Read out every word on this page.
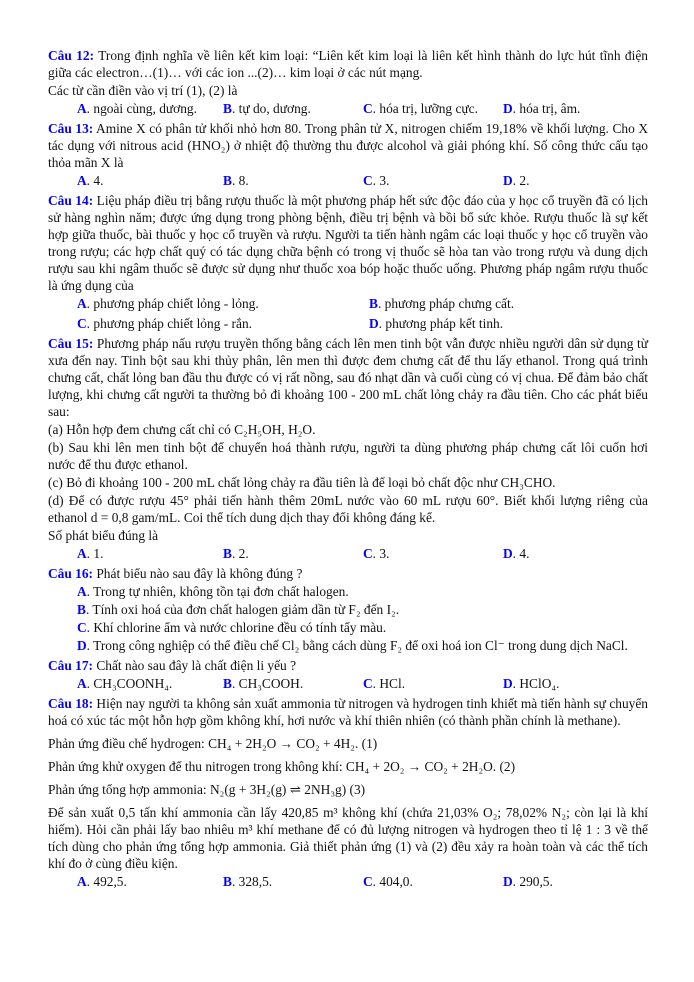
Câu 12: Trong định nghĩa về liên kết kim loại: “Liên kết kim loại là liên kết hình thành do lực hút tĩnh điện giữa các electron…(1)… với các ion ...(2)… kim loại ở các nút mạng.

Các từ cần điền vào vị trí (1), (2) là

A. ngoài cùng, dương.	B. tự do, dương.	C. hóa trị, lưỡng cực.	D. hóa trị, âm.

Câu 13: Amine X có phân tử khối nhỏ hơn 80. Trong phân tử X, nitrogen chiếm 19,18% về khối lượng. Cho X tác dụng với nitrous acid (HNO₂) ở nhiệt độ thường thu được alcohol và giải phóng khí. Số công thức cấu tạo thỏa mãn X là

A. 4.	B. 8.	C. 3.	D. 2.

Câu 14: Liệu pháp điều trị bằng rượu thuốc là một phương pháp hết sức độc đáo của y học cổ truyền đã có lịch sử hàng nghìn năm; được ứng dụng trong phòng bệnh, điều trị bệnh và bồi bổ sức khỏe. Rượu thuốc là sự kết hợp giữa thuốc, bài thuốc y học cổ truyền và rượu. Người ta tiến hành ngâm các loại thuốc y học cổ truyền vào trong rượu; các hợp chất quý có tác dụng chữa bệnh có trong vị thuốc sẽ hòa tan vào trong rượu và dung dịch rượu sau khi ngâm thuốc sẽ được sử dụng như thuốc xoa bóp hoặc thuốc uống. Phương pháp ngâm rượu thuốc là ứng dụng của

A. phương pháp chiết lỏng - lỏng.	B. phương pháp chưng cất.
C. phương pháp chiết lỏng - rắn.	D. phương pháp kết tinh.

Câu 15: Phương pháp nấu rượu truyền thống bằng cách lên men tinh bột vẫn được nhiều người dân sử dụng từ xưa đến nay. Tinh bột sau khi thủy phân, lên men thì được đem chưng cất để thu lấy ethanol. Trong quá trình chưng cất, chất lỏng ban đầu thu được có vị rất nồng, sau đó nhạt dần và cuối cùng có vị chua. Để đảm bảo chất lượng, khi chưng cất người ta thường bỏ đi khoảng 100 - 200 mL chất lỏng chảy ra đầu tiên. Cho các phát biểu sau:

(a) Hỗn hợp đem chưng cất chỉ có C₂H₅OH, H₂O.

(b) Sau khi lên men tinh bột để chuyển hoá thành rượu, người ta dùng phương pháp chưng cất lôi cuốn hơi nước để thu được ethanol.

(c) Bỏ đi khoảng 100 - 200 mL chất lỏng chảy ra đầu tiên là để loại bỏ chất độc như CH₃CHO.

(d) Để có được rượu 45° phải tiến hành thêm 20mL nước vào 60 mL rượu 60°. Biết khối lượng riêng của ethanol d = 0,8 gam/mL. Coi thể tích dung dịch thay đổi không đáng kể.

Số phát biểu đúng là

A. 1.	B. 2.	C. 3.	D. 4.

Câu 16: Phát biểu nào sau đây là không đúng ?

A. Trong tự nhiên, không tồn tại đơn chất halogen.

B. Tính oxi hoá của đơn chất halogen giảm dần từ F₂ đến I₂.

C. Khí chlorine ẩm và nước chlorine đều có tính tẩy màu.

D. Trong công nghiệp có thể điều chế Cl₂ bằng cách dùng F₂ để oxi hoá ion Cl⁻ trong dung dịch NaCl.

Câu 17: Chất nào sau đây là chất điện li yếu ?

A. CH₃COONH₄.	B. CH₃COOH.	C. HCl.	D. HClO₄.

Câu 18: Hiện nay người ta không sản xuất ammonia từ nitrogen và hydrogen tinh khiết mà tiến hành sự chuyển hoá có xúc tác một hỗn hợp gồm không khí, hơi nước và khí thiên nhiên (có thành phần chính là methane).

Phản ứng điều chế hydrogen: CH₄ + 2H₂O → CO₂ + 4H₂. (1)

Phản ứng khử oxygen để thu nitrogen trong không khí: CH₄ + 2O₂ → CO₂ + 2H₂O. (2)

Phản ứng tổng hợp ammonia: N₂(g + 3H₂(g) ⇌ 2NH₃g) (3)

Để sản xuất 0,5 tấn khí ammonia cần lấy 420,85 m³ không khí (chứa 21,03% O₂; 78,02% N₂; còn lại là khí hiếm). Hỏi cần phải lấy bao nhiêu m³ khí methane để có đủ lượng nitrogen và hydrogen theo tỉ lệ 1 : 3 về thể tích dùng cho phản ứng tổng hợp ammonia. Giả thiết phản ứng (1) và (2) đều xảy ra hoàn toàn và các thể tích khí đo ở cùng điều kiện.

A. 492,5.	B. 328,5.	C. 404,0.	D. 290,5.
